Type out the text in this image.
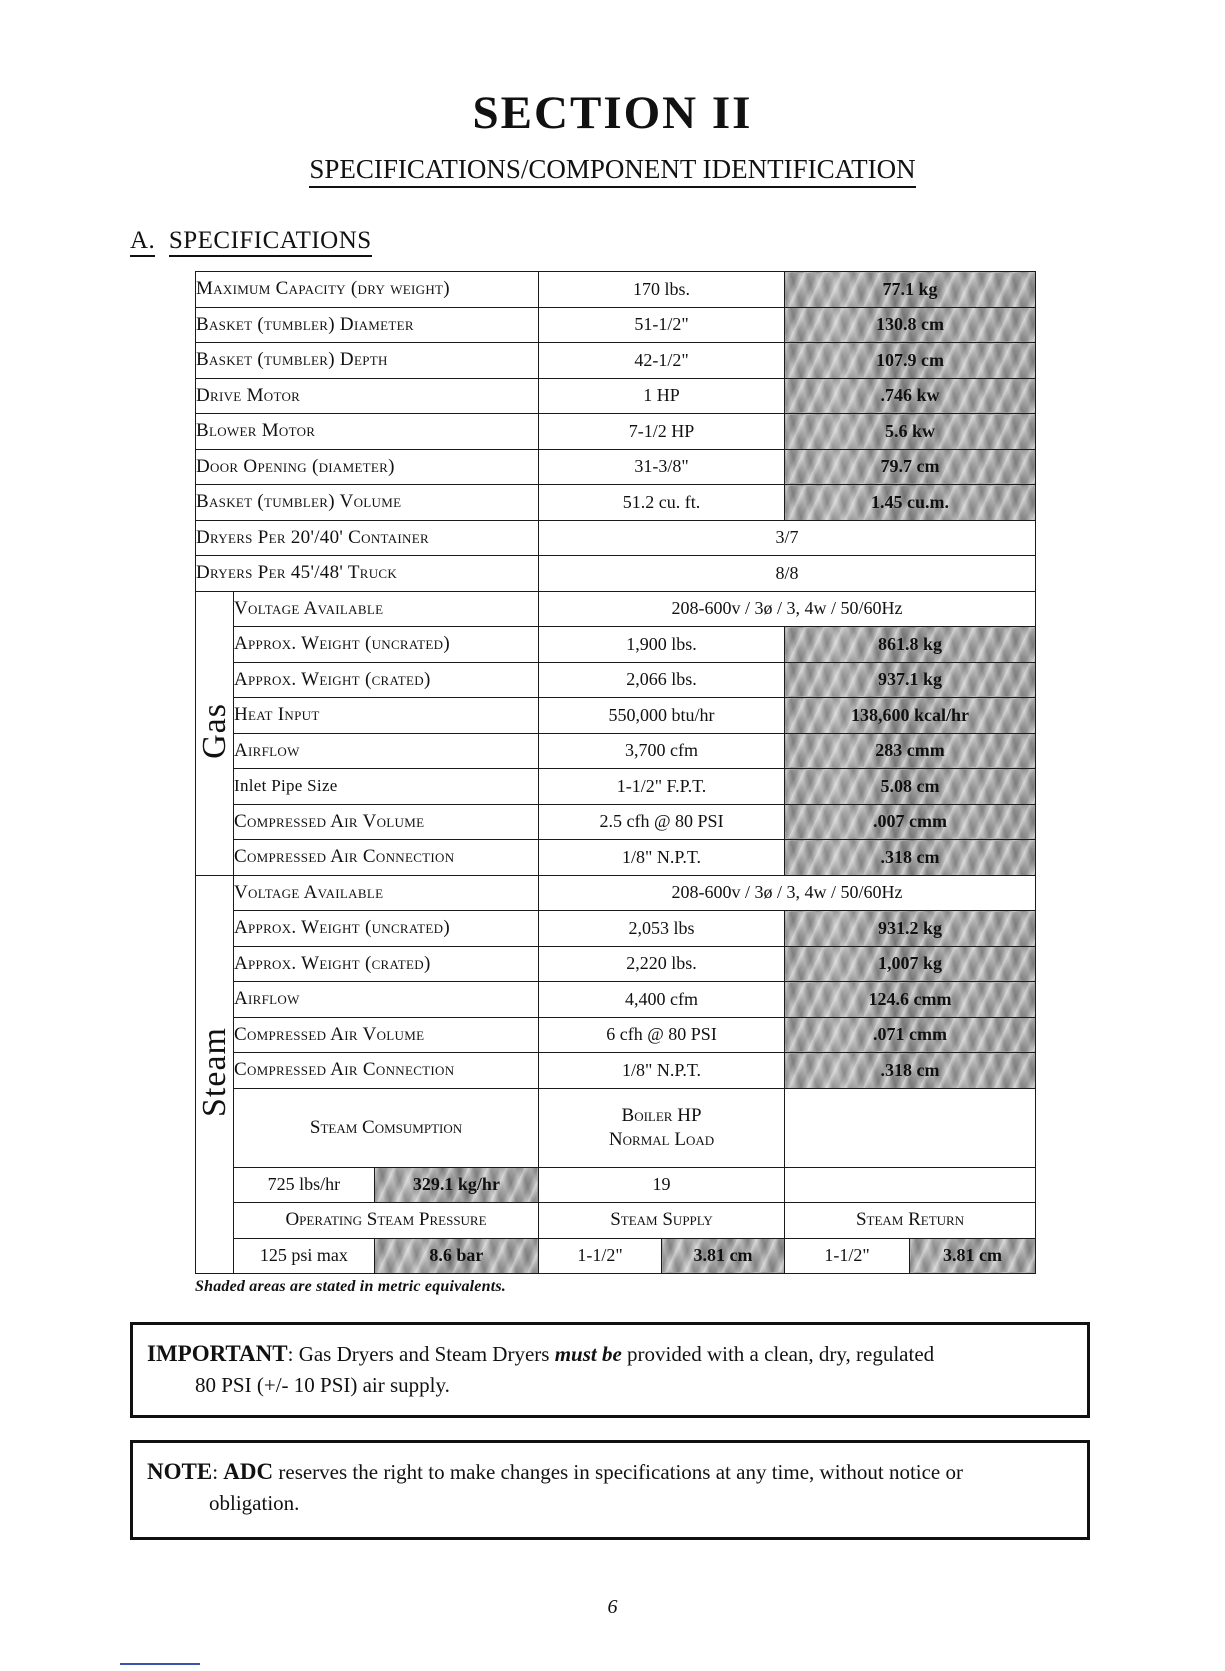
SECTION II
SPECIFICATIONS/COMPONENT IDENTIFICATION
A. SPECIFICATIONS
Maximum Capacity (dry weight)	170 lbs.	77.1 kg
Basket (tumbler) Diameter	51-1/2"	130.8 cm
Basket (tumbler) Depth	42-1/2"	107.9 cm
Drive Motor	1 HP	.746 kw
Blower Motor	7-1/2 HP	5.6 kw
Door Opening (diameter)	31-3/8"	79.7 cm
Basket (tumbler) Volume	51.2 cu. ft.	1.45 cu.m.
Dryers Per 20'/40' Container	3/7
Dryers Per 45'/48' Truck	8/8
Gas	Voltage Available	208-600v / 3ø / 3, 4w / 50/60Hz
Approx. Weight (uncrated)	1,900 lbs.	861.8 kg
Approx. Weight (crated)	2,066 lbs.	937.1 kg
Heat Input	550,000 btu/hr	138,600 kcal/hr
Airflow	3,700 cfm	283 cmm
Inlet Pipe Size	1-1/2" F.P.T.	5.08 cm
Compressed Air Volume	2.5 cfh @ 80 PSI	.007 cmm
Compressed Air Connection	1/8" N.P.T.	.318 cm
Steam	Voltage Available	208-600v / 3ø / 3, 4w / 50/60Hz
Approx. Weight (uncrated)	2,053 lbs	931.2 kg
Approx. Weight (crated)	2,220 lbs.	1,007 kg
Airflow	4,400 cfm	124.6 cmm
Compressed Air Volume	6 cfh @ 80 PSI	.071 cmm
Compressed Air Connection	1/8" N.P.T.	.318 cm
Steam Comsumption	
Boiler HP
Normal Load

725 lbs/hr	329.1 kg/hr
		19	
Operating Steam Pressure	Steam Supply	Steam Return

125 psi max	8.6 bar
		1-1/2"	3.81 cm	1-1/2"	3.81 cm
Shaded areas are stated in metric equivalents.
IMPORTANT: Gas Dryers and Steam Dryers must be provided with a clean, dry, regulated
80 PSI (+/- 10 PSI) air supply.
NOTE: ADC reserves the right to make changes in specifications at any time, without notice or
obligation.
6
